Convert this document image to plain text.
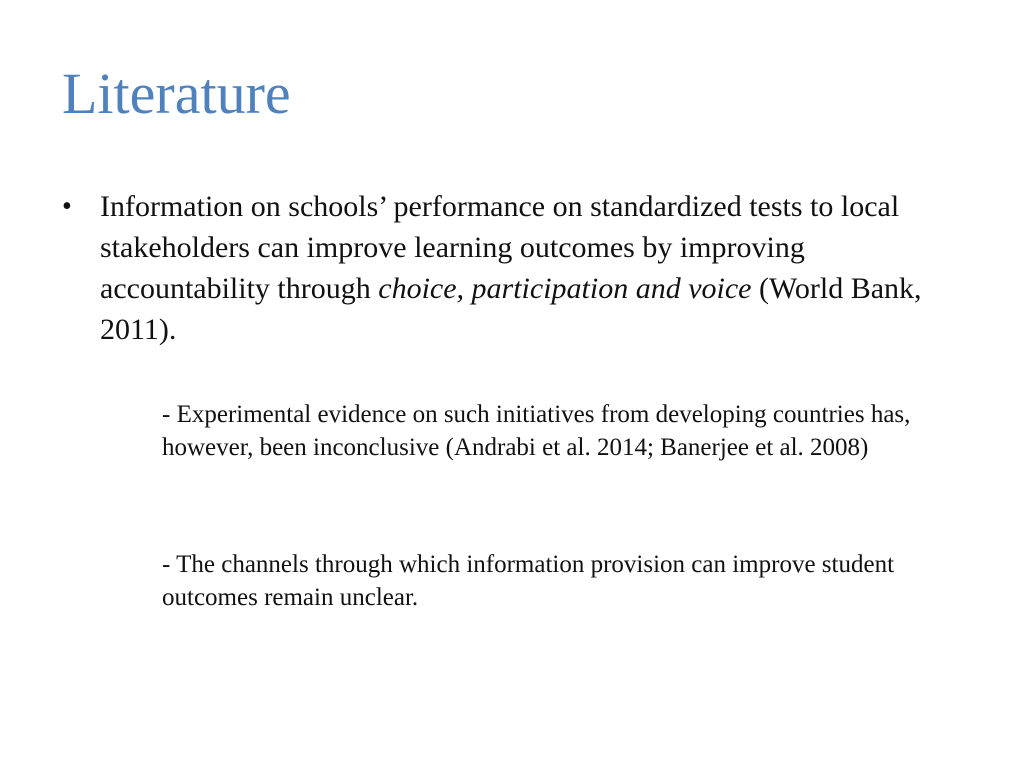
Literature
• Information on schools’ performance on standardized tests to local stakeholders can improve learning outcomes by improving accountability through choice, participation and voice (World Bank, 2011).
- Experimental evidence on such initiatives from developing countries has, however, been inconclusive (Andrabi et al. 2014; Banerjee et al. 2008)
- The channels through which information provision can improve student outcomes remain unclear.
